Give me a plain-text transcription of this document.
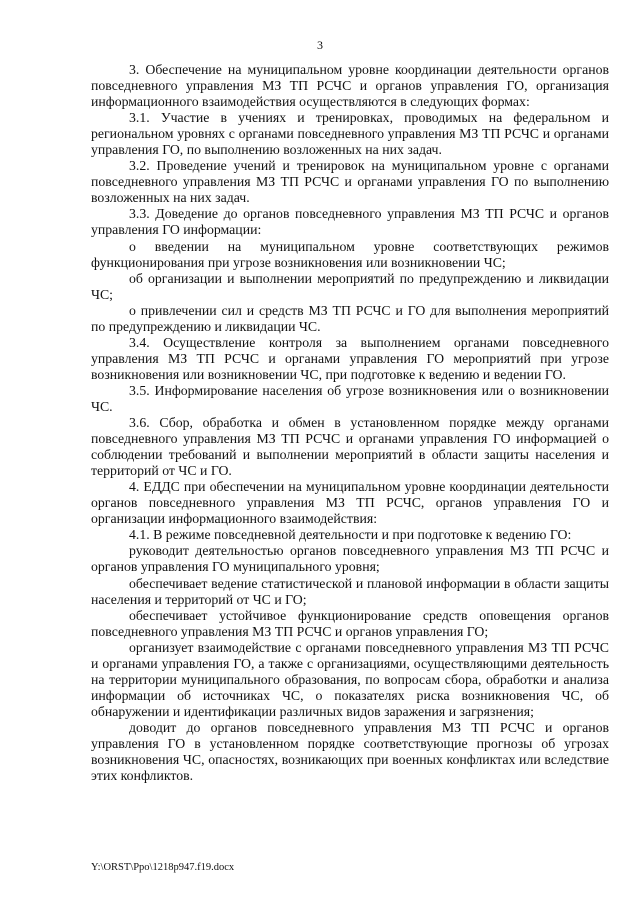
3

3. Обеспечение на муниципальном уровне координации деятельности органов повседневного управления МЗ ТП РСЧС и органов управления ГО, организация информационного взаимодействия осуществляются в следующих формах:

3.1. Участие в учениях и тренировках, проводимых на федеральном и региональном уровнях с органами повседневного управления МЗ ТП РСЧС и органами управления ГО, по выполнению возложенных на них задач.

3.2. Проведение учений и тренировок на муниципальном уровне с органами повседневного управления МЗ ТП РСЧС и органами управления ГО по выполнению возложенных на них задач.

3.3. Доведение до органов повседневного управления МЗ ТП РСЧС и органов управления ГО информации:

о введении на муниципальном уровне соответствующих режимов функционирования при угрозе возникновения или возникновении ЧС;

об организации и выполнении мероприятий по предупреждению и ликвидации ЧС;

о привлечении сил и средств МЗ ТП РСЧС и ГО для выполнения мероприятий по предупреждению и ликвидации ЧС.

3.4. Осуществление контроля за выполнением органами повседневного управления МЗ ТП РСЧС и органами управления ГО мероприятий при угрозе возникновения или возникновении ЧС, при подготовке к ведению и ведении ГО.

3.5. Информирование населения об угрозе возникновения или о возникновении ЧС.

3.6. Сбор, обработка и обмен в установленном порядке между органами повседневного управления МЗ ТП РСЧС и органами управления ГО информацией о соблюдении требований и выполнении мероприятий в области защиты населения и территорий от ЧС и ГО.

4. ЕДДС при обеспечении на муниципальном уровне координации деятельности органов повседневного управления МЗ ТП РСЧС, органов управления ГО и организации информационного взаимодействия:

4.1. В режиме повседневной деятельности и при подготовке к ведению ГО:

руководит деятельностью органов повседневного управления МЗ ТП РСЧС и органов управления ГО муниципального уровня;

обеспечивает ведение статистической и плановой информации в области защиты населения и территорий от ЧС и ГО;

обеспечивает устойчивое функционирование средств оповещения органов повседневного управления МЗ ТП РСЧС и органов управления ГО;

организует взаимодействие с органами повседневного управления МЗ ТП РСЧС и органами управления ГО, а также с организациями, осуществляющими деятельность на территории муниципального образования, по вопросам сбора, обработки и анализа информации об источниках ЧС, о показателях риска возникновения ЧС, об обнаружении и идентификации различных видов заражения и загрязнения;

доводит до органов повседневного управления МЗ ТП РСЧС и органов управления ГО в установленном порядке соответствующие прогнозы об угрозах возникновения ЧС, опасностях, возникающих при военных конфликтах или вследствие этих конфликтов.

Y:\ORST\Ppo\1218p947.f19.docx
